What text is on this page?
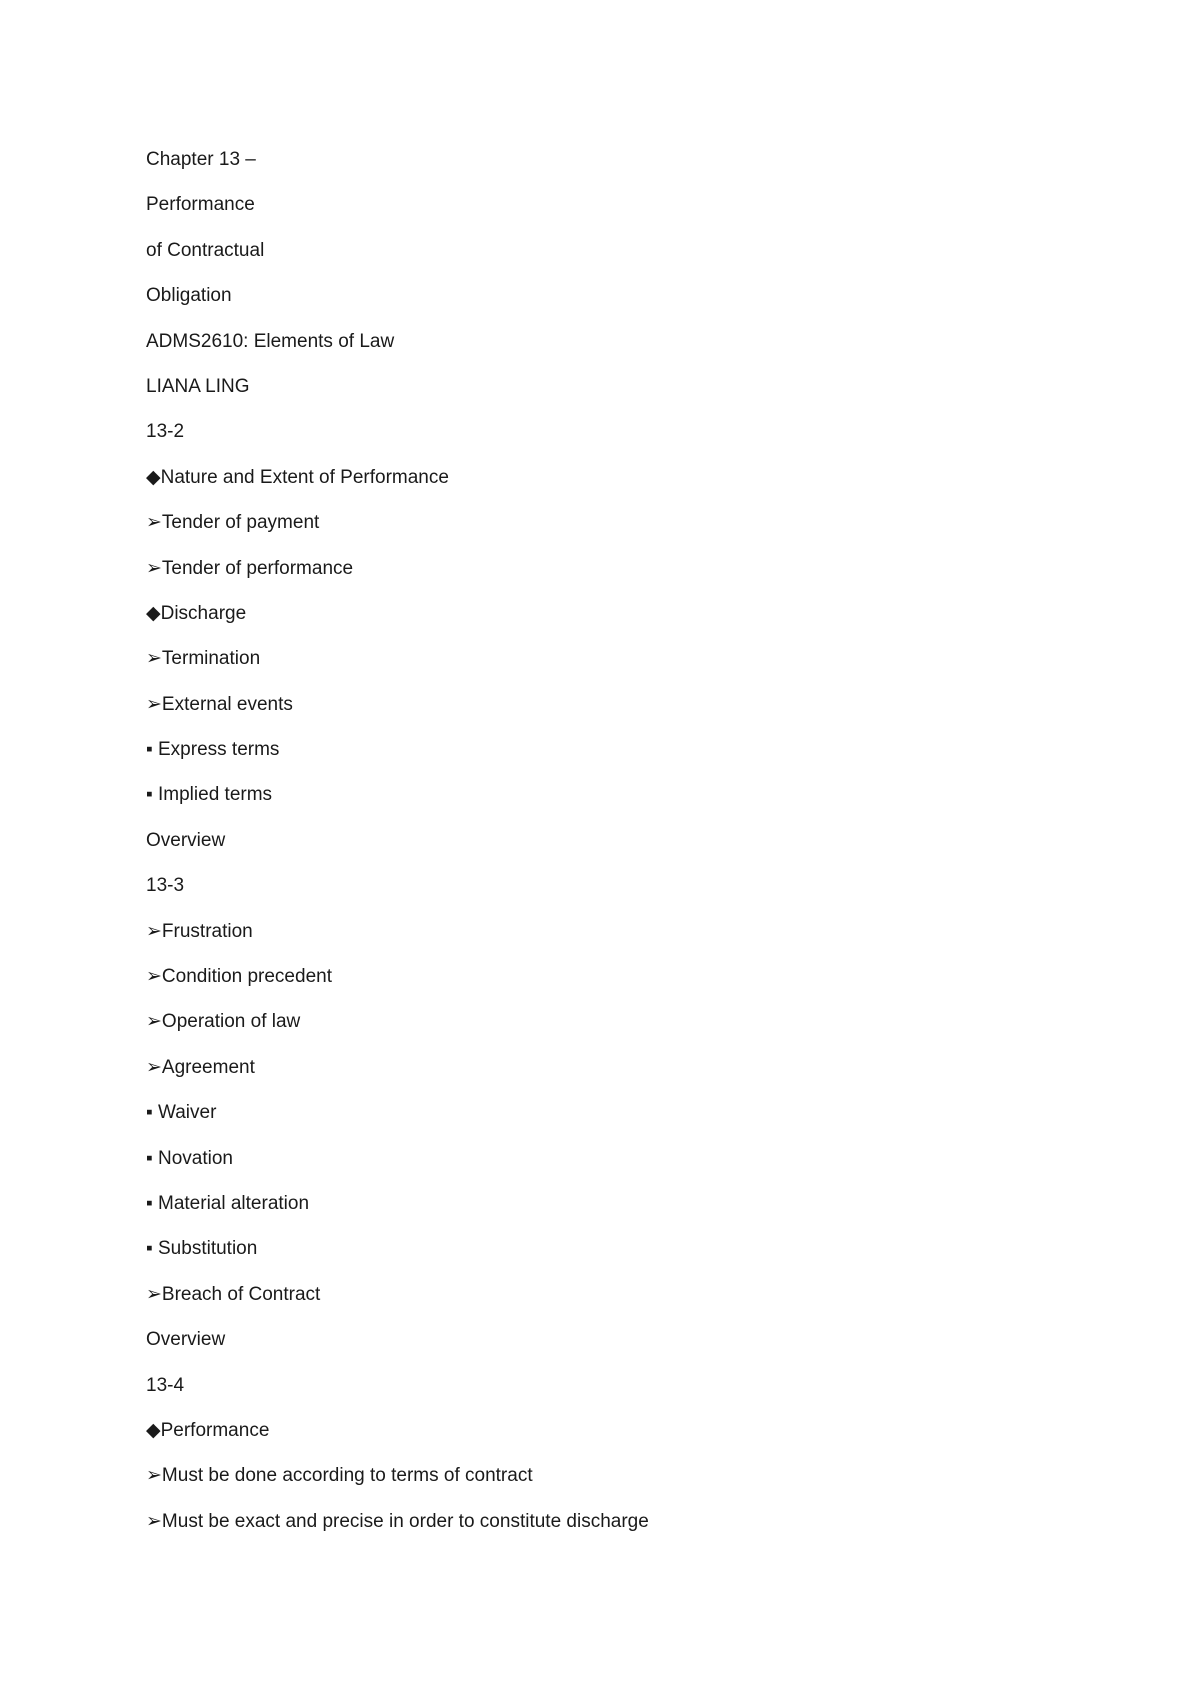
Chapter 13 –
Performance
of Contractual
Obligation
ADMS2610: Elements of Law
LIANA LING
13-2
◆Nature and Extent of Performance
➢Tender of payment
➢Tender of performance
◆Discharge
➢Termination
➢External events
▪ Express terms
▪ Implied terms
Overview
13-3
➢Frustration
➢Condition precedent
➢Operation of law
➢Agreement
▪ Waiver
▪ Novation
▪ Material alteration
▪ Substitution
➢Breach of Contract
Overview
13-4
◆Performance
➢Must be done according to terms of contract
➢Must be exact and precise in order to constitute discharge
